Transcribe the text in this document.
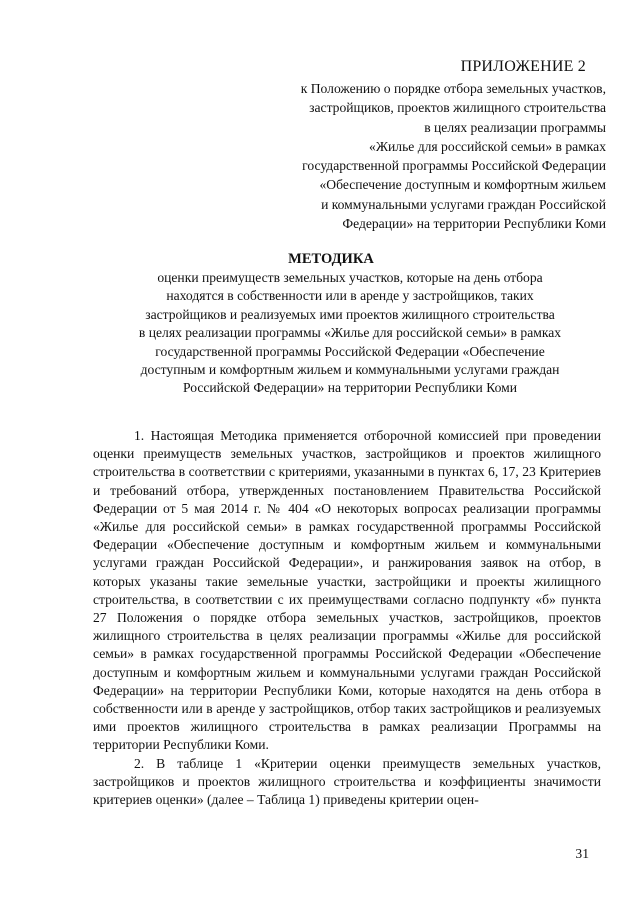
ПРИЛОЖЕНИЕ 2
к Положению о порядке отбора земельных участков,
застройщиков, проектов жилищного строительства
в целях реализации программы
«Жилье для российской семьи» в рамках
государственной программы Российской Федерации
«Обеспечение доступным и комфортным жильем
и коммунальными услугами граждан Российской
Федерации» на территории Республики Коми
МЕТОДИКА
оценки преимуществ земельных участков, которые на день отбора
находятся в собственности или в аренде у застройщиков, таких
застройщиков и реализуемых ими проектов жилищного строительства
в целях реализации программы «Жилье для российской семьи» в рамках
государственной программы Российской Федерации «Обеспечение
доступным и комфортным жильем и коммунальными услугами граждан
Российской Федерации» на территории Республики Коми

1. Настоящая Методика применяется отборочной комиссией при проведении оценки преимуществ земельных участков, застройщиков и проектов жилищного строительства в соответствии с критериями, указанными в пунктах 6, 17, 23 Критериев и требований отбора, утвержденных постановлением Правительства Российской Федерации от 5 мая 2014 г. № 404 «О некоторых вопросах реализации программы «Жилье для российской семьи» в рамках государственной программы Российской Федерации «Обеспечение доступным и комфортным жильем и коммунальными услугами граждан Российской Федерации», и ранжирования заявок на отбор, в которых указаны такие земельные участки, застройщики и проекты жилищного строительства, в соответствии с их преимуществами согласно подпункту «б» пункта 27 Положения о порядке отбора земельных участков, застройщиков, проектов жилищного строительства в целях реализации программы «Жилье для российской семьи» в рамках государственной программы Российской Федерации «Обеспечение доступным и комфортным жильем и коммунальными услугами граждан Российской Федерации» на территории Республики Коми, которые находятся на день отбора в собственности или в аренде у застройщиков, отбор таких застройщиков и реализуемых ими проектов жилищного строительства в рамках реализации Программы на территории Республики Коми.

2. В таблице 1 «Критерии оценки преимуществ земельных участков, застройщиков и проектов жилищного строительства и коэффициенты значимости критериев оценки» (далее – Таблица 1) приведены критерии оцен-

31
